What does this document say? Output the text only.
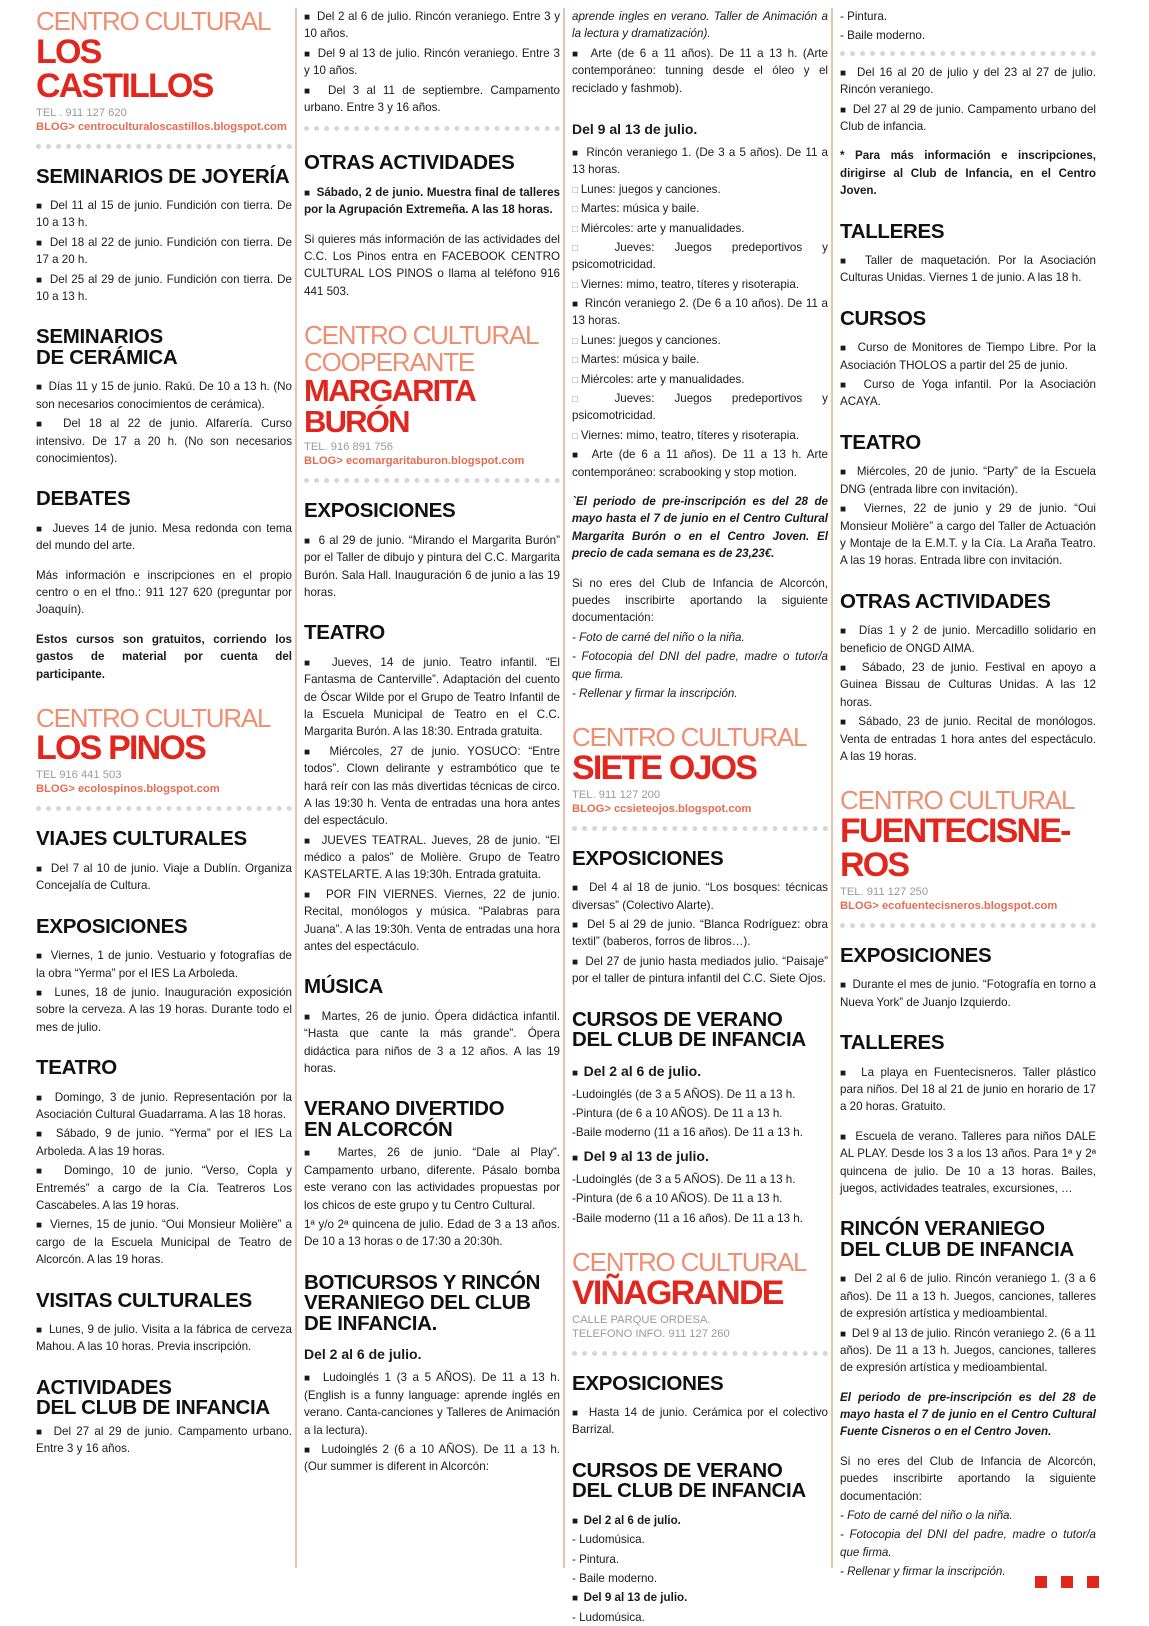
CENTRO CULTURAL
LOS
CASTILLOS
TEL . 911 127 620
BLOG> centroculturaloscastillos.blogspot.com
SEMINARIOS DE JOYERÍA

■  Del 11 al 15 de junio. Fundición con tierra. De 10 a 13 h.

■  Del 18 al 22 de junio. Fundición con tierra. De 17 a 20 h.

■  Del 25 al 29 de junio. Fundición con tierra. De 10 a 13 h.

SEMINARIOS
DE CERÁMICA

■  Días 11 y 15 de junio. Rakú. De 10 a 13 h. (No son necesarios conocimientos de cerámica).

■  Del 18 al 22 de junio. Alfarería. Curso intensivo. De 17 a 20 h. (No son necesarios conocimientos).

DEBATES

■  Jueves 14 de junio. Mesa redonda con tema del mundo del arte.

Más información e inscripciones en el propio centro o en el tfno.: 911 127 620 (preguntar por Joaquín).

Estos cursos son gratuitos, corriendo los gastos de material por cuenta del participante.

CENTRO CULTURAL
LOS PINOS
TEL 916 441 503
BLOG> ecolospinos.blogspot.com
VIAJES CULTURALES

■  Del 7 al 10 de junio. Viaje a Dublín. Organiza Concejalía de Cultura.

EXPOSICIONES

■  Viernes, 1 de junio. Vestuario y fotografías de la obra “Yerma” por el IES La Arboleda.

■  Lunes, 18 de junio. Inauguración exposición sobre la cerveza. A las 19 horas. Durante todo el mes de julio.

TEATRO

■  Domingo, 3 de junio. Representación por la Asociación Cultural Guadarrama. A las 18 horas.

■  Sábado, 9 de junio. “Yerma” por el IES La Arboleda. A las 19 horas.

■  Domingo, 10 de junio. “Verso, Copla y Entremés” a cargo de la Cía. Teatreros Los Cascabeles. A las 19 horas.

■  Viernes, 15 de junio. “Oui Monsieur Molière” a cargo de la Escuela Municipal de Teatro de Alcorcón. A las 19 horas.

VISITAS CULTURALES

■  Lunes, 9 de julio. Visita a la fábrica de cerveza Mahou. A las 10 horas. Previa inscripción.

ACTIVIDADES
DEL CLUB DE INFANCIA

■  Del 27 al 29 de junio. Campamento urbano. Entre 3 y 16 años.

■  Del 2 al 6 de julio. Rincón veraniego. Entre 3 y 10 años.

■  Del 9 al 13 de julio. Rincón veraniego. Entre 3 y 10 años.

■  Del 3 al 11 de septiembre. Campamento urbano. Entre 3 y 16 años.

OTRAS ACTIVIDADES

■  Sábado, 2 de junio. Muestra final de talleres por la Agrupación Extremeña. A las 18 horas.

Si quieres más información de las actividades del C.C. Los Pinos entra en FACEBOOK CENTRO CULTURAL LOS PINOS o llama al teléfono 916 441 503.

CENTRO CULTURAL
COOPERANTE
MARGARITA
BURÓN
TEL. 916 891 756
BLOG> ecomargaritaburon.blogspot.com
EXPOSICIONES

■  6 al 29 de junio. “Mirando el Margarita Burón” por el Taller de dibujo y pintura del C.C. Margarita Burón. Sala Hall. Inauguración 6 de junio a las 19 horas.

TEATRO

■  Jueves, 14 de junio. Teatro infantil. “El Fantasma de Canterville”. Adaptación del cuento de Óscar Wilde por el Grupo de Teatro Infantil de la Escuela Municipal de Teatro en el C.C. Margarita Burón. A las 18:30. Entrada gratuita.

■  Miércoles, 27 de junio. YOSUCO: “Entre todos”. Clown delirante y estrambótico que te hará reír con las más divertidas técnicas de circo. A las 19:30 h. Venta de entradas una hora antes del espectáculo.

■  JUEVES TEATRAL. Jueves, 28 de junio. “El médico a palos” de Molière. Grupo de Teatro KASTELARTE. A las 19:30h. Entrada gratuita.

■  POR FIN VIERNES. Viernes, 22 de junio. Recital, monólogos y música. “Palabras para Juana”. A las 19:30h. Venta de entradas una hora antes del espectáculo.

MÚSICA

■  Martes, 26 de junio. Ópera didáctica infantil. “Hasta que cante la más grande”. Ópera didáctica para niños de 3 a 12 años. A las 19 horas.

VERANO DIVERTIDO
EN ALCORCÓN

■  Martes, 26 de junio. “Dale al Play”. Campamento urbano, diferente. Pásalo bomba este verano con las actividades propuestas por los chicos de este grupo y tu Centro Cultural.

1ª y/o 2ª quincena de julio. Edad de 3 a 13 años. De 10 a 13 horas o de 17:30 a 20:30h.

BOTICURSOS Y RINCÓN
VERANIEGO DEL CLUB
DE INFANCIA.
Del 2 al 6 de julio.

■  Ludoinglés 1 (3 a 5 AÑOS). De 11 a 13 h. (English is a funny language: aprende inglés en verano. Canta-canciones y Talleres de Animación a la lectura).

■  Ludoinglés 2 (6 a 10 AÑOS). De 11 a 13 h. (Our summer is diferent in Alcorcón:

aprende ingles en verano. Taller de Animación a la lectura y dramatización).

■  Arte (de 6 a 11 años). De 11 a 13 h. (Arte contemporáneo: tunning desde el óleo y el reciclado y fashmob).

Del 9 al 13 de julio.

■  Rincón veraniego 1. (De 3 a 5 años). De 11 a 13 horas.

□ Lunes: juegos y canciones.

□ Martes: música y baile.

□ Miércoles: arte y manualidades.

□ Jueves: Juegos predeportivos y psicomotricidad.

□ Viernes: mimo, teatro, títeres y risoterapia.

■  Rincón veraniego 2. (De 6 a 10 años). De 11 a 13 horas.

□ Lunes: juegos y canciones.

□ Martes: música y baile.

□ Miércoles: arte y manualidades.

□ Jueves: Juegos predeportivos y psicomotricidad.

□ Viernes: mimo, teatro, títeres y risoterapia.

■  Arte (de 6 a 11 años). De 11 a 13 h. Arte contemporáneo: scrabooking y stop motion.

`El periodo de pre-inscripción es del 28 de mayo hasta el 7 de junio en el Centro Cultural Margarita Burón o en el Centro Joven. El precio de cada semana es de 23,23€.

Si no eres del Club de Infancia de Alcorcón, puedes inscribirte aportando la siguiente documentación:

- Foto de carné del niño o la niña.

- Fotocopia del DNI del padre, madre o tutor/a que firma.

- Rellenar y firmar la inscripción.

CENTRO CULTURAL
SIETE OJOS
TEL. 911 127 200
BLOG> ccsieteojos.blogspot.com
EXPOSICIONES

■  Del 4 al 18 de junio. “Los bosques: técnicas diversas” (Colectivo Alarte).

■  Del 5 al 29 de junio. “Blanca Rodríguez: obra textil” (baberos, forros de libros…).

■  Del 27 de junio hasta mediados julio. “Paisaje” por el taller de pintura infantil del C.C. Siete Ojos.

CURSOS DE VERANO
DEL CLUB DE INFANCIA
■  Del 2 al 6 de julio.

-Ludoinglés (de 3 a 5 AÑOS). De 11 a 13 h.

-Pintura (de 6 a 10 AÑOS). De 11 a 13 h.

-Baile moderno (11 a 16 años). De 11 a 13 h.

■  Del 9 al 13 de julio.

-Ludoinglés (de 3 a 5 AÑOS). De 11 a 13 h.

-Pintura (de 6 a 10 AÑOS). De 11 a 13 h.

-Baile moderno (11 a 16 años). De 11 a 13 h.

CENTRO CULTURAL
VIÑAGRANDE
CALLE PARQUE ORDESA.
TELEFONO INFO. 911 127 260
EXPOSICIONES

■  Hasta 14 de junio. Cerámica por el colectivo Barrizal.

CURSOS DE VERANO
DEL CLUB DE INFANCIA

■  Del 2 al 6 de julio.

- Ludomúsica.

- Pintura.

- Baile moderno.

■  Del 9 al 13 de julio.

- Ludomúsica.

- Pintura.

- Baile moderno.

■  Del 16 al 20 de julio y del 23 al 27 de julio. Rincón veraniego.

■  Del 27 al 29 de junio. Campamento urbano del Club de infancia.

* Para más información e inscripciones, dirigirse al Club de Infancia, en el Centro Joven.

TALLERES

■  Taller de maquetación. Por la Asociación Culturas Unidas. Viernes 1 de junio. A las 18 h.

CURSOS

■  Curso de Monitores de Tiempo Libre. Por la Asociación THOLOS a partir del 25 de junio.

■  Curso de Yoga infantil. Por la Asociación ACAYA.

TEATRO

■  Miércoles, 20 de junio. “Party” de la Escuela DNG (entrada libre con invitación).

■  Viernes, 22 de junio y 29 de junio. “Oui Monsieur Molière” a cargo del Taller de Actuación y Montaje de la E.M.T. y la Cía. La Araña Teatro. A las 19 horas. Entrada libre con invitación.

OTRAS ACTIVIDADES

■  Días 1 y 2 de junio. Mercadillo solidario en beneficio de ONGD AIMA.

■  Sábado, 23 de junio. Festival en apoyo a Guinea Bissau de Culturas Unidas. A las 12 horas.

■  Sábado, 23 de junio. Recital de monólogos. Venta de entradas 1 hora antes del espectáculo. A las 19 horas.

CENTRO CULTURAL
FUENTECISNE-
ROS
TEL. 911 127 250
BLOG> ecofuentecisneros.blogspot.com
EXPOSICIONES

■  Durante el mes de junio. “Fotografía en torno a Nueva York” de Juanjo Izquierdo.

TALLERES

■  La playa en Fuentecisneros. Taller plástico para niños. Del 18 al 21 de junio en horario de 17 a 20 horas. Gratuito.

■  Escuela de verano. Talleres para niños DALE AL PLAY. Desde los 3 a los 13 años. Para 1ª y 2ª quincena de julio. De 10 a 13 horas. Bailes, juegos, actividades teatrales, excursiones, …

RINCÓN VERANIEGO
DEL CLUB DE INFANCIA

■  Del 2 al 6 de julio. Rincón veraniego 1. (3 a 6 años). De 11 a 13 h. Juegos, canciones, talleres de expresión artística y medioambiental.

■  Del 9 al 13 de julio. Rincón veraniego 2. (6 a 11 años). De 11 a 13 h. Juegos, canciones, talleres de expresión artística y medioambiental.

El periodo de pre-inscripción es del 28 de mayo hasta el 7 de junio en el Centro Cultural Fuente Cisneros o en el Centro Joven.

Si no eres del Club de Infancia de Alcorcón, puedes inscribirte aportando la siguiente documentación:

- Foto de carné del niño o la niña.

- Fotocopia del DNI del padre, madre o tutor/a que firma.

- Rellenar y firmar la inscripción.
